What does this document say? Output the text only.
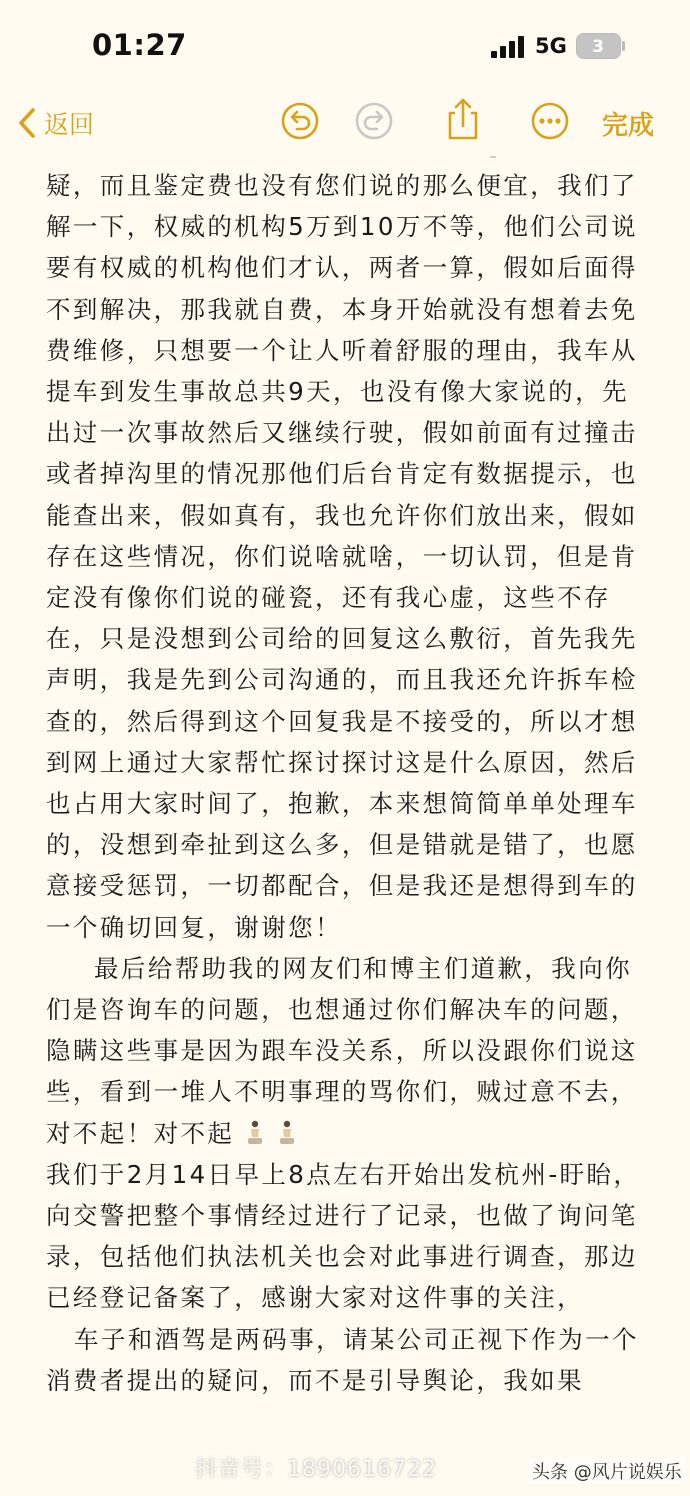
01:27	5G 3
返回	完成

疑，而且鉴定费也没有您们说的那么便宜，我们了解一下，权威的机构5万到10万不等，他们公司说要有权威的机构他们才认，两者一算，假如后面得不到解决，那我就自费，本身开始就没有想着去免费维修，只想要一个让人听着舒服的理由，我车从提车到发生事故总共9天，也没有像大家说的，先出过一次事故然后又继续行驶，假如前面有过撞击或者掉沟里的情况那他们后台肯定有数据提示，也能查出来，假如真有，我也允许你们放出来，假如存在这些情况，你们说啥就啥，一切认罚，但是肯定没有像你们说的碰瓷，还有我心虚，这些不存在，只是没想到公司给的回复这么敷衍，首先我先声明，我是先到公司沟通的，而且我还允许拆车检查的，然后得到这个回复我是不接受的，所以才想到网上通过大家帮忙探讨探讨这是什么原因，然后也占用大家时间了，抱歉，本来想简简单单处理车的，没想到牵扯到这么多，但是错就是错了，也愿意接受惩罚，一切都配合，但是我还是想得到车的一个确切回复，谢谢您！

最后给帮助我的网友们和博主们道歉，我向你们是咨询车的问题，也想通过你们解决车的问题，隐瞒这些事是因为跟车没关系，所以没跟你们说这些，看到一堆人不明事理的骂你们，贼过意不去，对不起！对不起

我们于2月14日早上8点左右开始出发杭州-盱眙，向交警把整个事情经过进行了记录，也做了询问笔录，包括他们执法机关也会对此事进行调查，那边已经登记备案了，感谢大家对这件事的关注，

车子和酒驾是两码事，请某公司正视下作为一个消费者提出的疑问，而不是引导舆论，我如果

抖音号：1890616722	头条 @风片说娱乐
